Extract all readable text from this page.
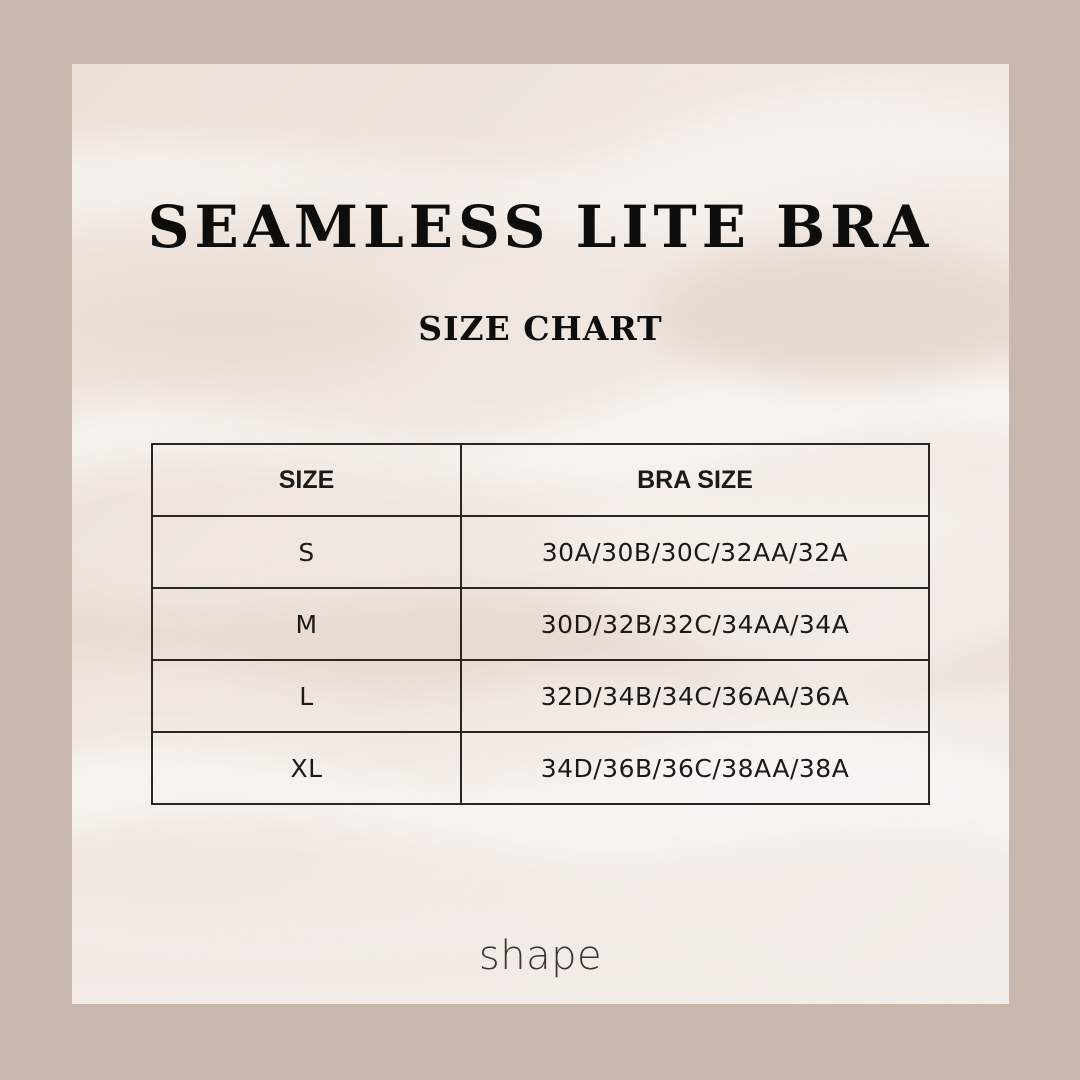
SEAMLESS LITE BRA
SIZE CHART
SIZE	BRA SIZE
S	30A/30B/30C/32AA/32A
M	30D/32B/32C/34AA/34A
L	32D/34B/34C/36AA/36A
XL	34D/36B/36C/38AA/38A
shape
